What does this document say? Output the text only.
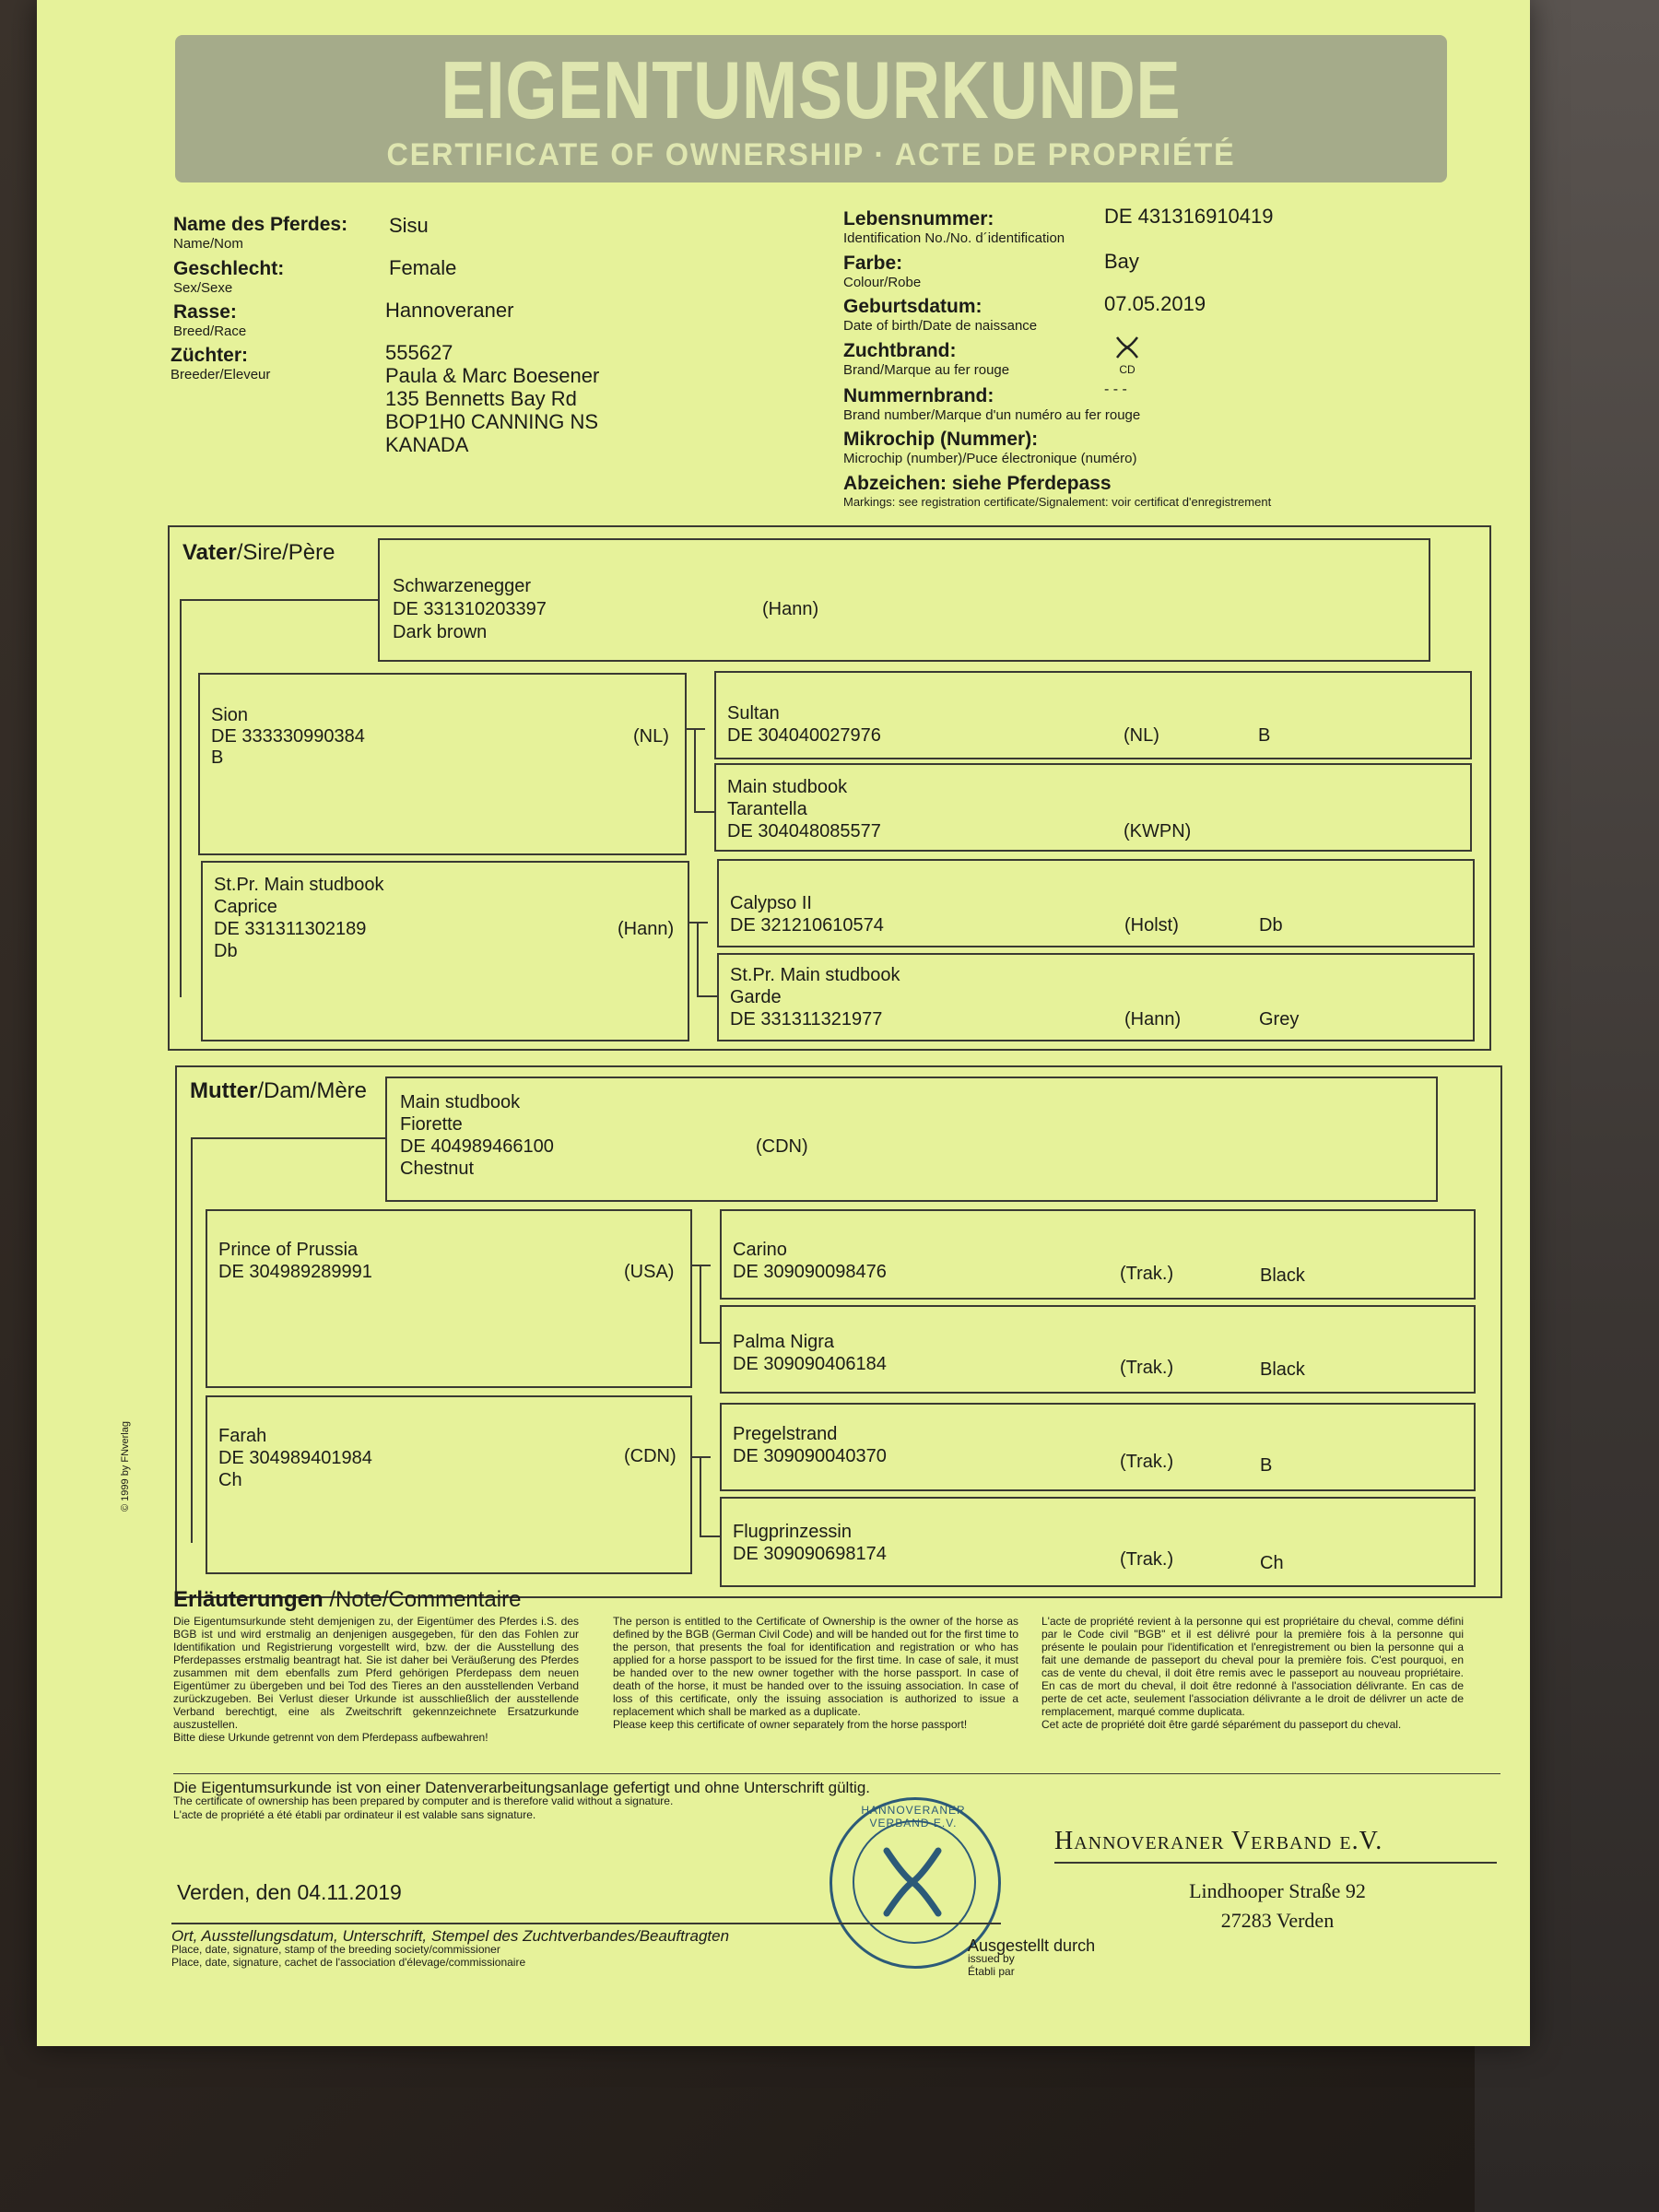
EIGENTUMSURKUNDE
CERTIFICATE OF OWNERSHIP · ACTE DE PROPRIÉTÉ
Name des Pferdes:
Name/Nom
Sisu
Geschlecht:
Sex/Sexe
Female
Rasse:
Breed/Race
Hannoveraner
Züchter:
Breeder/Eleveur
555627
Paula & Marc Boesener
135 Bennetts Bay Rd
BOP1H0 CANNING NS
KANADA
Lebensnummer:
Identification No./No. d´identification
DE 431316910419
Farbe:
Colour/Robe
Bay
Geburtsdatum:
Date of birth/Date de naissance
07.05.2019
Zuchtbrand:
Brand/Marque au fer rouge	CD
Nummernbrand:	- - -
Brand number/Marque d'un numéro au fer rouge
Mikrochip (Nummer):
Microchip (number)/Puce électronique (numéro)
Abzeichen: siehe Pferdepass
Markings: see registration certificate/Signalement: voir certificat d'enregistrement
Vater/Sire/Père
Schwarzenegger
DE 331310203397	(Hann)
Dark brown
Sion
DE 333330990384	(NL)
B
Sultan
DE 304040027976	(NL)	B
Main studbook
Tarantella
DE 304048085577	(KWPN)
St.Pr. Main studbook
Caprice
DE 331311302189	(Hann)
Db
Calypso II
DE 321210610574	(Holst)	Db
St.Pr. Main studbook
Garde
DE 331311321977	(Hann)	Grey
Mutter/Dam/Mère Main studbook
Fiorette
DE 404989466100	(CDN)
Chestnut
Prince of Prussia
DE 304989289991	(USA)
Carino
DE 309090098476	(Trak.)	Black
Palma Nigra
DE 309090406184	(Trak.)	Black
Farah
DE 304989401984	(CDN)
Ch
Pregelstrand
DE 309090040370	(Trak.)	B
Flugprinzessin
DE 309090698174	(Trak.)	Ch
© 1999 by FNverlag
Erläuterungen /Note/Commentaire
Die Eigentumsurkunde steht demjenigen zu, der Eigentümer des Pferdes i.S. des BGB ist und wird erstmalig an denjenigen ausgegeben, für den das Fohlen zur Identifikation und Registrierung vorgestellt wird, bzw. der die Ausstellung des Pferdepasses erstmalig beantragt hat. Sie ist daher bei Veräußerung des Pferdes zusammen mit dem ebenfalls zum Pferd gehörigen Pferdepass dem neuen Eigentümer zu übergeben und bei Tod des Tieres an den ausstellenden Verband zurückzugeben. Bei Verlust dieser Urkunde ist ausschließlich der ausstellende Verband berechtigt, eine als Zweitschrift gekennzeichnete Ersatzurkunde auszustellen.
Bitte diese Urkunde getrennt von dem Pferdepass aufbewahren!
The person is entitled to the Certificate of Ownership is the owner of the horse as defined by the BGB (German Civil Code) and will be handed out for the first time to the person, that presents the foal for identification and registration or who has applied for a horse passport to be issued for the first time. In case of sale, it must be handed over to the new owner together with the horse passport. In case of death of the horse, it must be handed over to the issuing association. In case of loss of this certificate, only the issuing association is authorized to issue a replacement which shall be marked as a duplicate.
Please keep this certificate of owner separately from the horse passport!
L'acte de propriété revient à la personne qui est propriétaire du cheval, comme défini par le Code civil "BGB" et il est délivré pour la première fois à la personne qui présente le poulain pour l'identification et l'enregistrement ou bien la personne qui a fait une demande de passeport du cheval pour la première fois. C'est pourquoi, en cas de vente du cheval, il doit être remis avec le passeport au nouveau propriétaire. En cas de mort du cheval, il doit être redonné à l'association délivrante. En cas de perte de cet acte, seulement l'association délivrante a le droit de délivrer un acte de remplacement, marqué comme duplicata.
Cet acte de propriété doit être gardé séparément du passeport du cheval.
Die Eigentumsurkunde ist von einer Datenverarbeitungsanlage gefertigt und ohne Unterschrift gültig.
The certificate of ownership has been prepared by computer and is therefore valid without a signature.
L'acte de propriété a été établi par ordinateur il est valable sans signature.	HANNOVERANER VERBAND E.V.
Hannoveraner Verband e.V.
Lindhooper Straße 92
27283 Verden
Verden, den 04.11.2019
Ort, Ausstellungsdatum, Unterschrift, Stempel des Zuchtverbandes/Beauftragten
Place, date, signature, stamp of the breeding society/commissioner
Place, date, signature, cachet de l'association d'élevage/commissionaire
Ausgestellt durch
issued by
Établi par
